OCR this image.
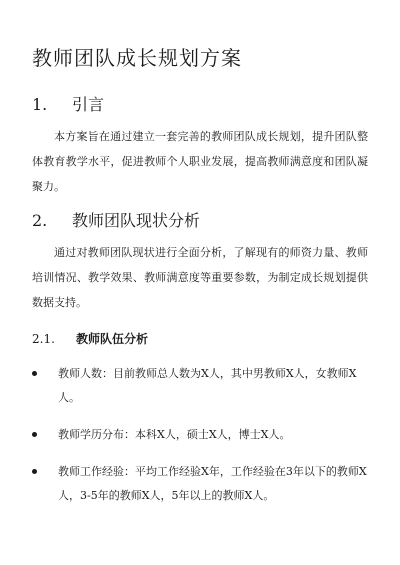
教师团队成长规划方案
1. 引言
本方案旨在通过建立一套完善的教师团队成长规划，提升团队整体教育教学水平，促进教师个人职业发展，提高教师满意度和团队凝聚力。
2. 教师团队现状分析
通过对教师团队现状进行全面分析，了解现有的师资力量、教师培训情况、教学效果、教师满意度等重要参数，为制定成长规划提供数据支持。
2.1. 教师队伍分析
教师人数：目前教师总人数为X人，其中男教师X人，女教师X人。
教师学历分布：本科X人，硕士X人，博士X人。
教师工作经验：平均工作经验X年，工作经验在3年以下的教师X人，3-5年的教师X人，5年以上的教师X人。
